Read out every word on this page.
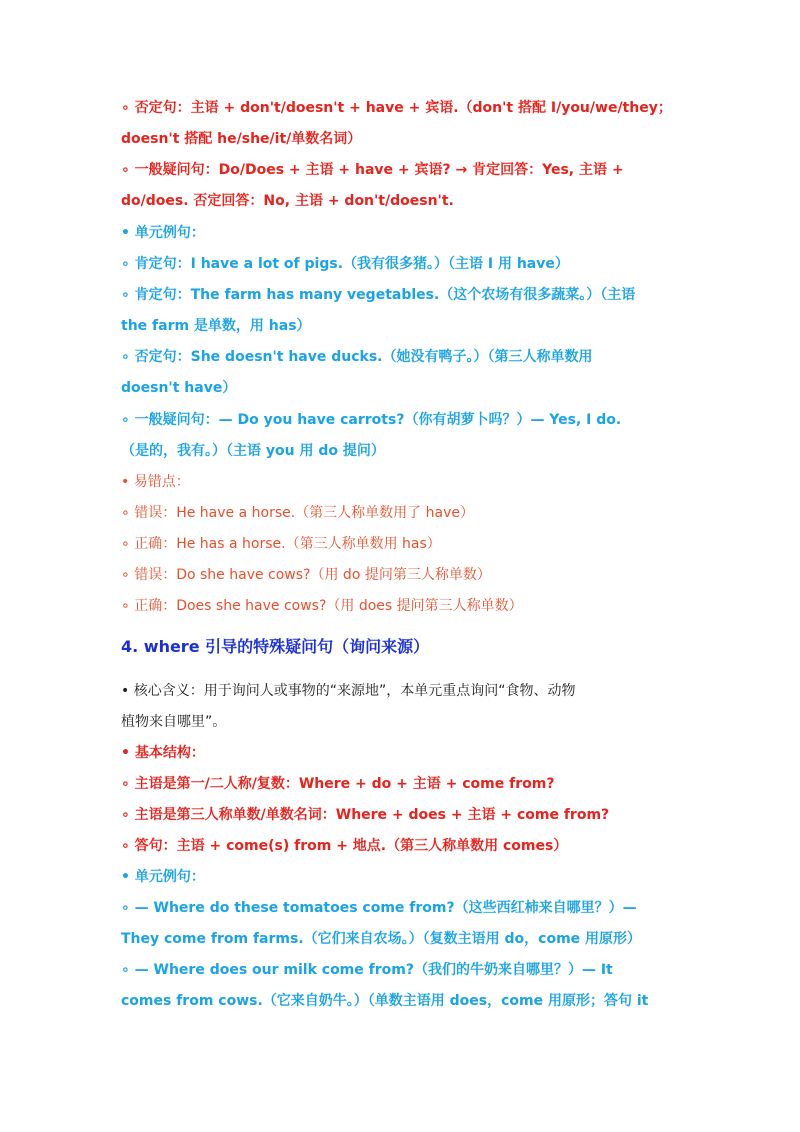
∘ 否定句：主语 + don't/doesn't + have + 宾语.（don't 搭配 I/you/we/they；
doesn't 搭配 he/she/it/单数名词）
∘ 一般疑问句：Do/Does + 主语 + have + 宾语? → 肯定回答：Yes, 主语 +
do/does. 否定回答：No, 主语 + don't/doesn't.
• 单元例句：
∘ 肯定句：I have a lot of pigs.（我有很多猪。）（主语 I 用 have）
∘ 肯定句：The farm has many vegetables.（这个农场有很多蔬菜。）（主语
the farm 是单数，用 has）
∘ 否定句：She doesn't have ducks.（她没有鸭子。）（第三人称单数用
doesn't have）
∘ 一般疑问句：— Do you have carrots?（你有胡萝卜吗？）— Yes, I do.
（是的，我有。）（主语 you 用 do 提问）
• 易错点：
∘ 错误：He have a horse.（第三人称单数用了 have）
∘ 正确：He has a horse.（第三人称单数用 has）
∘ 错误：Do she have cows?（用 do 提问第三人称单数）
∘ 正确：Does she have cows?（用 does 提问第三人称单数）
4. where 引导的特殊疑问句（询问来源）
• 核心含义：用于询问人或事物的“来源地”，本单元重点询问“食物、动物
植物来自哪里”。
• 基本结构：
∘ 主语是第一/二人称/复数：Where + do + 主语 + come from?
∘ 主语是第三人称单数/单数名词：Where + does + 主语 + come from?
∘ 答句：主语 + come(s) from + 地点.（第三人称单数用 comes）
• 单元例句：
∘ — Where do these tomatoes come from?（这些西红柿来自哪里？）—
They come from farms.（它们来自农场。）（复数主语用 do，come 用原形）
∘ — Where does our milk come from?（我们的牛奶来自哪里？）— It
comes from cows.（它来自奶牛。）（单数主语用 does，come 用原形；答句 it
